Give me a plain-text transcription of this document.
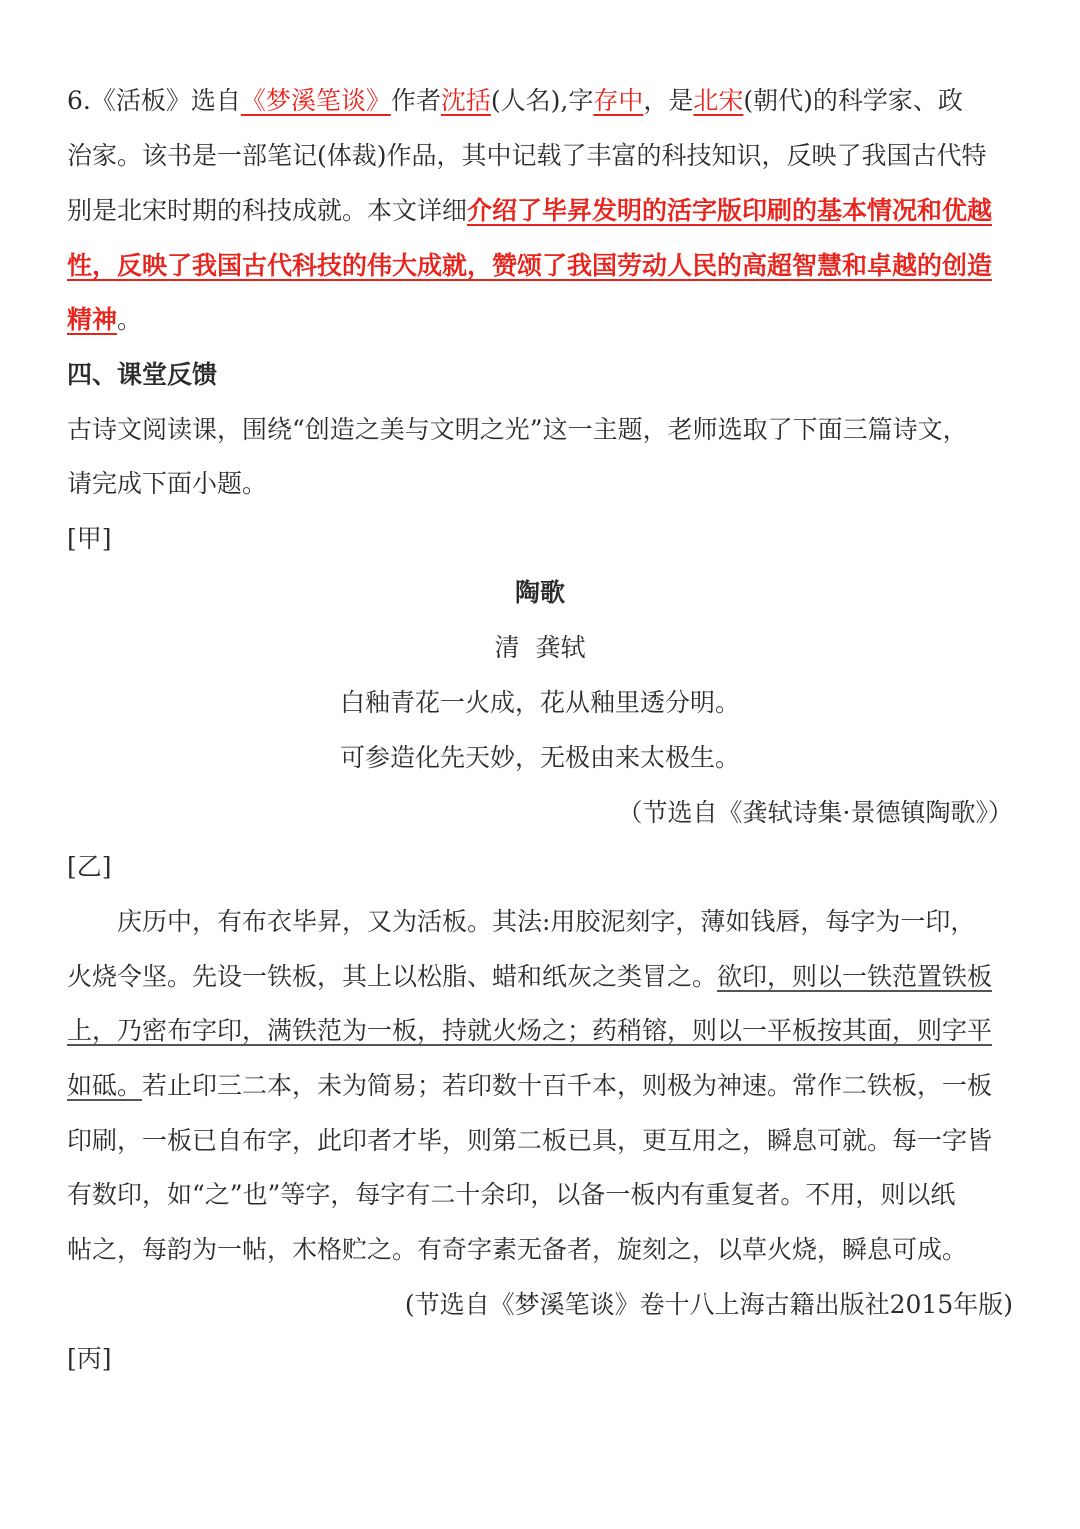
6.《活板》选自《梦溪笔谈》作者沈括(人名),字存中，是北宋(朝代)的科学家、政
治家。该书是一部笔记(体裁)作品，其中记载了丰富的科技知识，反映了我国古代特
别是北宋时期的科技成就。本文详细介绍了毕昇发明的活字版印刷的基本情况和优越
性，反映了我国古代科技的伟大成就，赞颂了我国劳动人民的高超智慧和卓越的创造
精神。
四、课堂反馈
古诗文阅读课，围绕“创造之美与文明之光”这一主题，老师选取了下面三篇诗文，
请完成下面小题。
[甲]
陶歌
清  龚轼
白釉青花一火成，花从釉里透分明。
可参造化先天妙，无极由来太极生。
（节选自《龚轼诗集·景德镇陶歌》）
[乙]
庆历中，有布衣毕昇，又为活板。其法:用胶泥刻字，薄如钱唇，每字为一印，
火烧令坚。先设一铁板，其上以松脂、蜡和纸灰之类冒之。欲印，则以一铁范置铁板
上，乃密布字印，满铁范为一板，持就火炀之；药稍镕，则以一平板按其面，则字平
如砥。若止印三二本，未为简易；若印数十百千本，则极为神速。常作二铁板，一板
印刷，一板已自布字，此印者才毕，则第二板已具，更互用之，瞬息可就。每一字皆
有数印，如“之”也”等字，每字有二十余印，以备一板内有重复者。不用，则以纸
帖之，每韵为一帖，木格贮之。有奇字素无备者，旋刻之，以草火烧，瞬息可成。
(节选自《梦溪笔谈》卷十八上海古籍出版社2015年版)
[丙]
